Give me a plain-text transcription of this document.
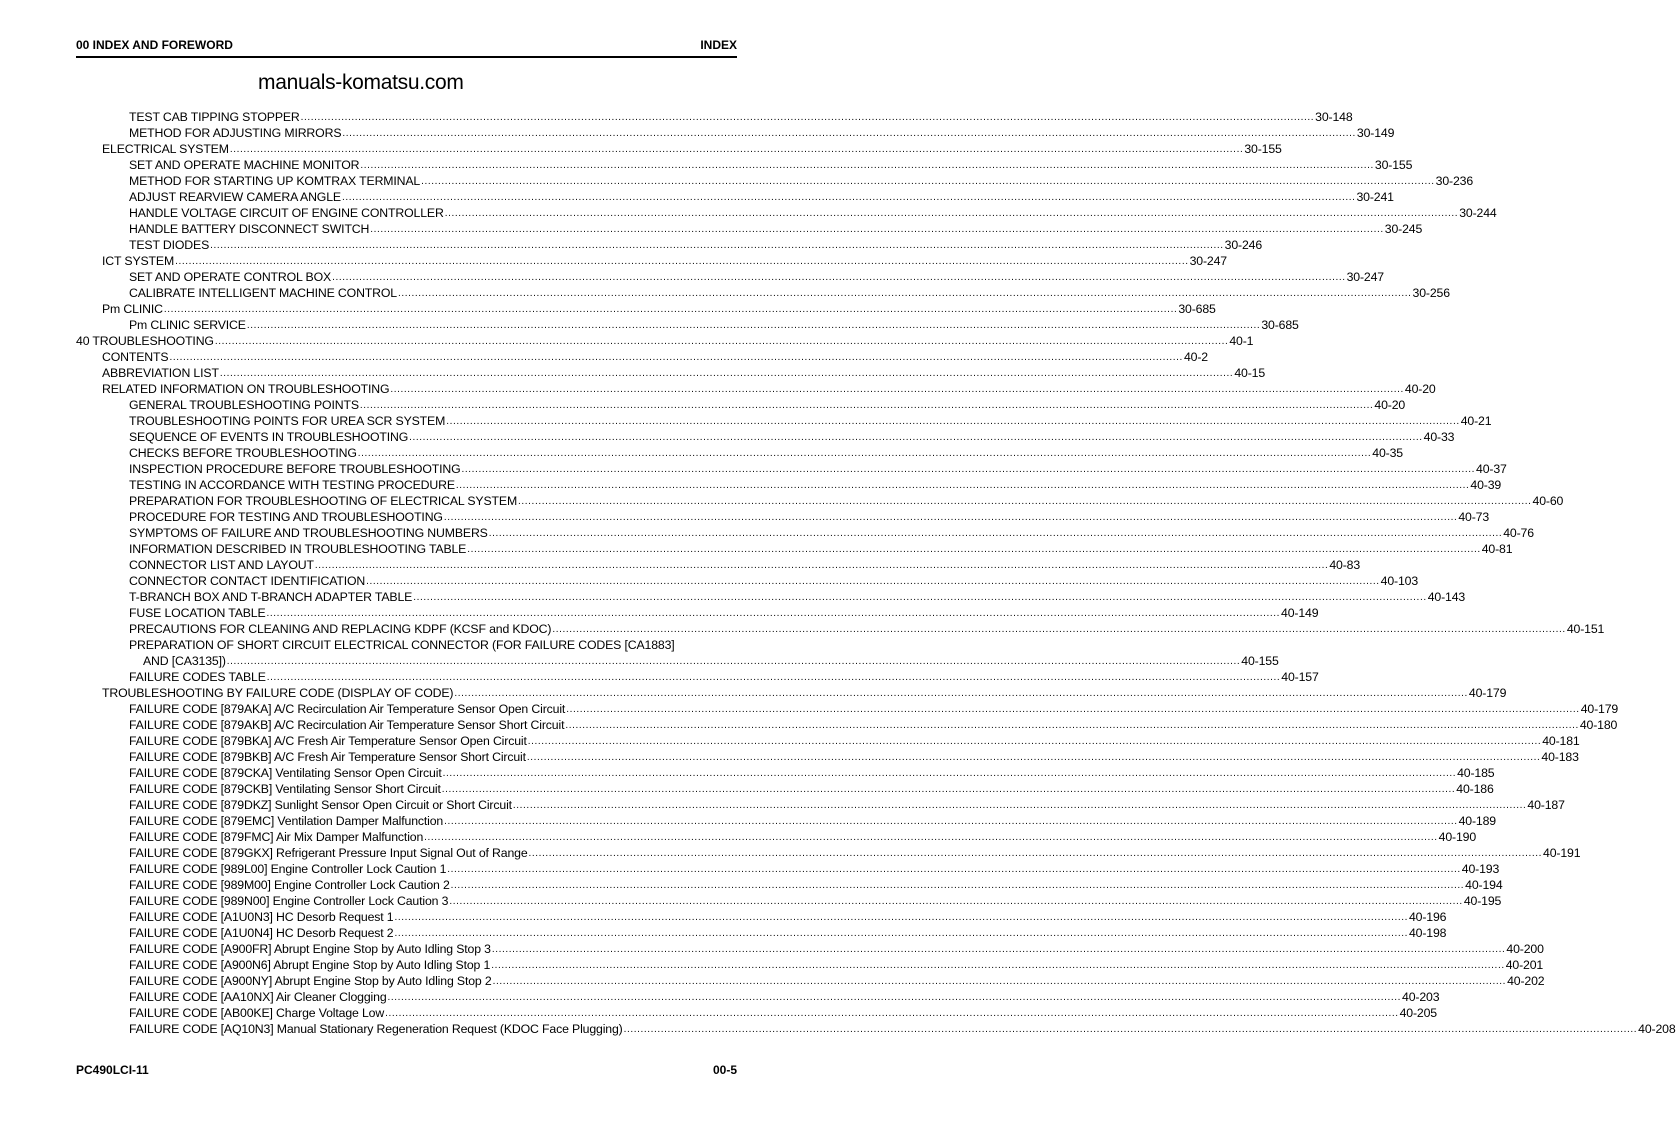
00 INDEX AND FOREWORD	INDEX
manuals-komatsu.com
TEST CAB TIPPING STOPPER ............................................................................................................................................................................................................................................................................................................ 30-148
METHOD FOR ADJUSTING MIRRORS ............................................................................................................................................................................................................................................................................................................ 30-149
ELECTRICAL SYSTEM ............................................................................................................................................................................................................................................................................................................ 30-155
SET AND OPERATE MACHINE MONITOR ............................................................................................................................................................................................................................................................................................................ 30-155
METHOD FOR STARTING UP KOMTRAX TERMINAL ............................................................................................................................................................................................................................................................................................................ 30-236
ADJUST REARVIEW CAMERA ANGLE ............................................................................................................................................................................................................................................................................................................ 30-241
HANDLE VOLTAGE CIRCUIT OF ENGINE CONTROLLER ............................................................................................................................................................................................................................................................................................................ 30-244
HANDLE BATTERY DISCONNECT SWITCH ............................................................................................................................................................................................................................................................................................................ 30-245
TEST DIODES ............................................................................................................................................................................................................................................................................................................ 30-246
ICT SYSTEM ............................................................................................................................................................................................................................................................................................................ 30-247
SET AND OPERATE CONTROL BOX ............................................................................................................................................................................................................................................................................................................ 30-247
CALIBRATE INTELLIGENT MACHINE CONTROL ............................................................................................................................................................................................................................................................................................................ 30-256
Pm CLINIC ............................................................................................................................................................................................................................................................................................................ 30-685
Pm CLINIC SERVICE ............................................................................................................................................................................................................................................................................................................ 30-685
40 TROUBLESHOOTING ............................................................................................................................................................................................................................................................................................................ 40-1
CONTENTS ............................................................................................................................................................................................................................................................................................................ 40-2
ABBREVIATION LIST ............................................................................................................................................................................................................................................................................................................ 40-15
RELATED INFORMATION ON TROUBLESHOOTING ............................................................................................................................................................................................................................................................................................................ 40-20
GENERAL TROUBLESHOOTING POINTS ............................................................................................................................................................................................................................................................................................................ 40-20
TROUBLESHOOTING POINTS FOR UREA SCR SYSTEM ............................................................................................................................................................................................................................................................................................................ 40-21
SEQUENCE OF EVENTS IN TROUBLESHOOTING ............................................................................................................................................................................................................................................................................................................ 40-33
CHECKS BEFORE TROUBLESHOOTING ............................................................................................................................................................................................................................................................................................................ 40-35
INSPECTION PROCEDURE BEFORE TROUBLESHOOTING ............................................................................................................................................................................................................................................................................................................ 40-37
TESTING IN ACCORDANCE WITH TESTING PROCEDURE ............................................................................................................................................................................................................................................................................................................ 40-39
PREPARATION FOR TROUBLESHOOTING OF ELECTRICAL SYSTEM ............................................................................................................................................................................................................................................................................................................ 40-60
PROCEDURE FOR TESTING AND TROUBLESHOOTING ............................................................................................................................................................................................................................................................................................................ 40-73
SYMPTOMS OF FAILURE AND TROUBLESHOOTING NUMBERS ............................................................................................................................................................................................................................................................................................................ 40-76
INFORMATION DESCRIBED IN TROUBLESHOOTING TABLE ............................................................................................................................................................................................................................................................................................................ 40-81
CONNECTOR LIST AND LAYOUT ............................................................................................................................................................................................................................................................................................................ 40-83
CONNECTOR CONTACT IDENTIFICATION ............................................................................................................................................................................................................................................................................................................ 40-103
T-BRANCH BOX AND T-BRANCH ADAPTER TABLE ............................................................................................................................................................................................................................................................................................................ 40-143
FUSE LOCATION TABLE ............................................................................................................................................................................................................................................................................................................ 40-149
PRECAUTIONS FOR CLEANING AND REPLACING KDPF (KCSF and KDOC) ............................................................................................................................................................................................................................................................................................................ 40-151
PREPARATION OF SHORT CIRCUIT ELECTRICAL CONNECTOR (FOR FAILURE CODES [CA1883]
AND [CA3135]) ............................................................................................................................................................................................................................................................................................................ 40-155
FAILURE CODES TABLE ............................................................................................................................................................................................................................................................................................................ 40-157
TROUBLESHOOTING BY FAILURE CODE (DISPLAY OF CODE) ............................................................................................................................................................................................................................................................................................................ 40-179
FAILURE CODE [879AKA] A/C Recirculation Air Temperature Sensor Open Circuit ............................................................................................................................................................................................................................................................................................................ 40-179
FAILURE CODE [879AKB] A/C Recirculation Air Temperature Sensor Short Circuit ............................................................................................................................................................................................................................................................................................................ 40-180
FAILURE CODE [879BKA] A/C Fresh Air Temperature Sensor Open Circuit ............................................................................................................................................................................................................................................................................................................ 40-181
FAILURE CODE [879BKB] A/C Fresh Air Temperature Sensor Short Circuit ............................................................................................................................................................................................................................................................................................................ 40-183
FAILURE CODE [879CKA] Ventilating Sensor Open Circuit ............................................................................................................................................................................................................................................................................................................ 40-185
FAILURE CODE [879CKB] Ventilating Sensor Short Circuit ............................................................................................................................................................................................................................................................................................................ 40-186
FAILURE CODE [879DKZ] Sunlight Sensor Open Circuit or Short Circuit ............................................................................................................................................................................................................................................................................................................ 40-187
FAILURE CODE [879EMC] Ventilation Damper Malfunction ............................................................................................................................................................................................................................................................................................................ 40-189
FAILURE CODE [879FMC] Air Mix Damper Malfunction ............................................................................................................................................................................................................................................................................................................ 40-190
FAILURE CODE [879GKX] Refrigerant Pressure Input Signal Out of Range ............................................................................................................................................................................................................................................................................................................ 40-191
FAILURE CODE [989L00] Engine Controller Lock Caution 1 ............................................................................................................................................................................................................................................................................................................ 40-193
FAILURE CODE [989M00] Engine Controller Lock Caution 2 ............................................................................................................................................................................................................................................................................................................ 40-194
FAILURE CODE [989N00] Engine Controller Lock Caution 3 ............................................................................................................................................................................................................................................................................................................ 40-195
FAILURE CODE [A1U0N3] HC Desorb Request 1 ............................................................................................................................................................................................................................................................................................................ 40-196
FAILURE CODE [A1U0N4] HC Desorb Request 2 ............................................................................................................................................................................................................................................................................................................ 40-198
FAILURE CODE [A900FR] Abrupt Engine Stop by Auto Idling Stop 3 ............................................................................................................................................................................................................................................................................................................ 40-200
FAILURE CODE [A900N6] Abrupt Engine Stop by Auto Idling Stop 1 ............................................................................................................................................................................................................................................................................................................ 40-201
FAILURE CODE [A900NY] Abrupt Engine Stop by Auto Idling Stop 2 ............................................................................................................................................................................................................................................................................................................ 40-202
FAILURE CODE [AA10NX] Air Cleaner Clogging ............................................................................................................................................................................................................................................................................................................ 40-203
FAILURE CODE [AB00KE] Charge Voltage Low ............................................................................................................................................................................................................................................................................................................ 40-205
FAILURE CODE [AQ10N3] Manual Stationary Regeneration Request (KDOC Face Plugging) ............................................................................................................................................................................................................................................................................................................ 40-208
PC490LCI-11	00-5
